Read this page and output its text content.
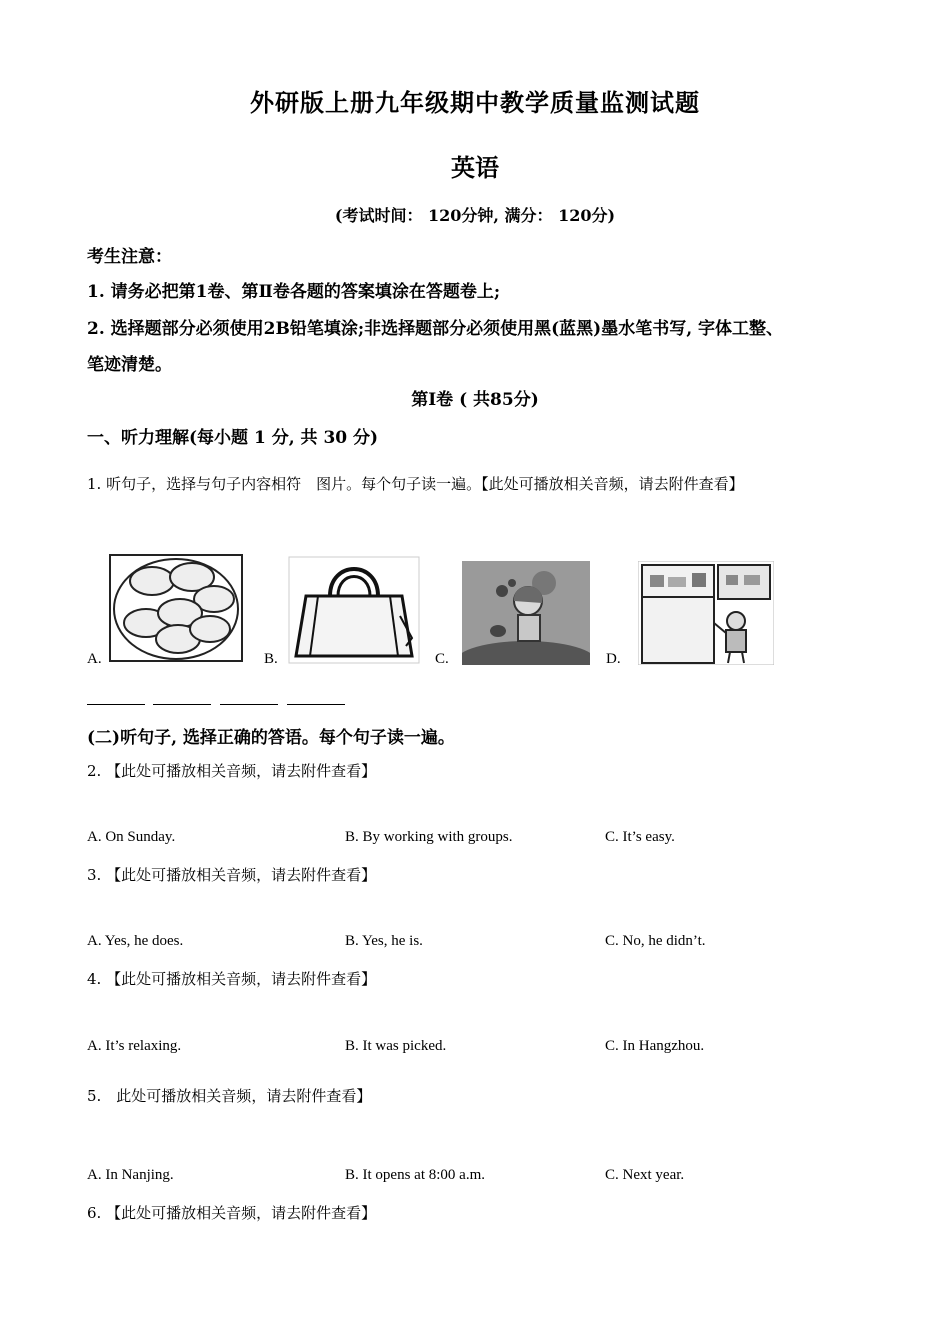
外研版上册九年级期中教学质量监测试题
英语
(考试时间： 120分钟, 满分： 120分)
考生注意：
1. 请务必把第1卷、第Ⅱ卷各题的答案填涂在答题卷上;
2. 选择题部分必须使用2B铅笔填涂;非选择题部分必须使用黑(蓝黑)墨水笔书写, 字体工整、
笔迹清楚。
第I卷 ( 共85分)
一、听力理解(每小题 1 分, 共 30 分)
1. 听句子，选择与句子内容相符　图片。每个句子读一遍。【此处可播放相关音频，请去附件查看】
A.	B.	C.	D.
(二)听句子, 选择正确的答语。每个句子读一遍。
2. 【此处可播放相关音频，请去附件查看】
A. On Sunday.	B. By working with groups.	C. It’s easy.
3. 【此处可播放相关音频，请去附件查看】
A. Yes, he does.	B. Yes, he is.	C. No, he didn’t.
4. 【此处可播放相关音频，请去附件查看】
A. It’s relaxing.	B. It was picked.	C. In Hangzhou.
5.　此处可播放相关音频，请去附件查看】
A. In Nanjing.	B. It opens at 8:00 a.m.	C. Next year.
6. 【此处可播放相关音频，请去附件查看】
